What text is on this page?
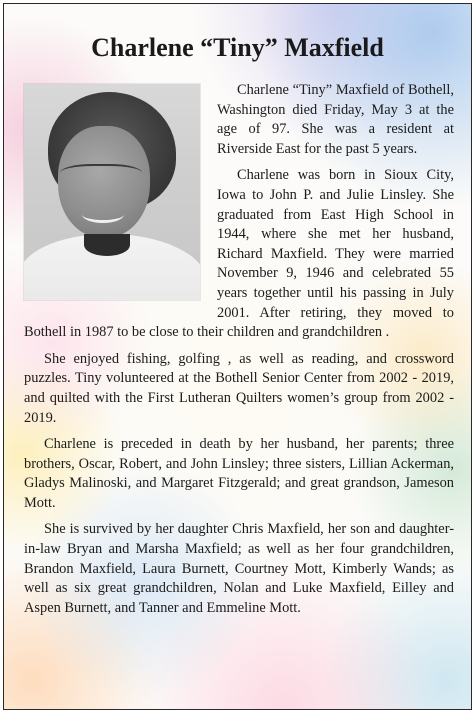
Charlene “Tiny” Maxfield

Charlene “Tiny” Maxfield of Bothell, Washington died Friday, May 3 at the age of 97. She was a resident at Riverside East for the past 5 years.

Charlene was born in Sioux City, Iowa to John P. and Julie Linsley. She graduated from East High School in 1944, where she met her husband, Richard Maxfield. They were married November 9, 1946 and celebrated 55 years together until his passing in July 2001. After retiring, they moved to Bothell in 1987 to be close to their children and grandchildren .

She enjoyed fishing, golfing , as well as reading, and crossword puzzles. Tiny volunteered at the Bothell Senior Center from 2002 - 2019, and quilted with the First Lutheran Quilters women’s group from 2002 - 2019.

Charlene is preceded in death by her husband, her parents; three brothers, Oscar, Robert, and John Linsley; three sisters, Lillian Ackerman, Gladys Malinoski, and Margaret Fitzgerald; and great grandson, Jameson Mott.

She is survived by her daughter Chris Maxfield, her son and daughter-in-law Bryan and Marsha Maxfield; as well as her four grandchildren, Brandon Maxfield, Laura Burnett, Courtney Mott, Kimberly Wands; as well as six great grandchildren, Nolan and Luke Maxfield, Eilley and Aspen Burnett, and Tanner and Emmeline Mott.
